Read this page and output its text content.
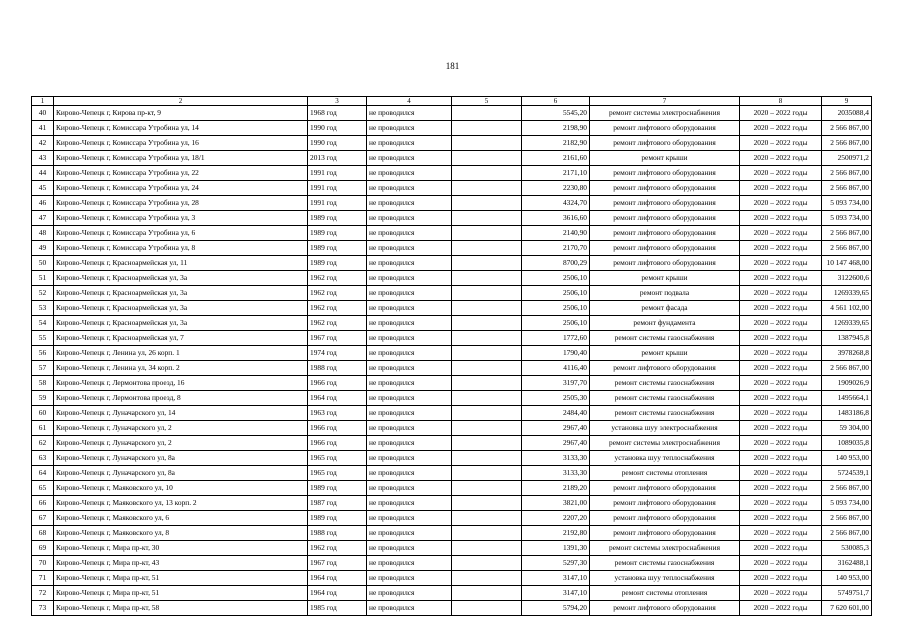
181
1	2	3	4	5	6	7	8	9
40	Кирово-Чепецк г, Кирова пр-кт, 9	1968 год	не проводился		5545,20	ремонт системы электроснабжения	2020 – 2022 годы	2035088,4
41	Кирово-Чепецк г, Комиссара Утробина ул, 14	1990 год	не проводился		2198,90	ремонт лифтового оборудования	2020 – 2022 годы	2 566 867,00
42	Кирово-Чепецк г, Комиссара Утробина ул, 16	1990 год	не проводился		2182,90	ремонт лифтового оборудования	2020 – 2022 годы	2 566 867,00
43	Кирово-Чепецк г, Комиссара Утробина ул, 18/1	2013 год	не проводился		2161,60	ремонт крыши	2020 – 2022 годы	2500971,2
44	Кирово-Чепецк г, Комиссара Утробина ул, 22	1991 год	не проводился		2171,10	ремонт лифтового оборудования	2020 – 2022 годы	2 566 867,00
45	Кирово-Чепецк г, Комиссара Утробина ул, 24	1991 год	не проводился		2230,80	ремонт лифтового оборудования	2020 – 2022 годы	2 566 867,00
46	Кирово-Чепецк г, Комиссара Утробина ул, 28	1991 год	не проводился		4324,70	ремонт лифтового оборудования	2020 – 2022 годы	5 093 734,00
47	Кирово-Чепецк г, Комиссара Утробина ул, 3	1989 год	не проводился		3616,60	ремонт лифтового оборудования	2020 – 2022 годы	5 093 734,00
48	Кирово-Чепецк г, Комиссара Утробина ул, 6	1989 год	не проводился		2140,90	ремонт лифтового оборудования	2020 – 2022 годы	2 566 867,00
49	Кирово-Чепецк г, Комиссара Утробина ул, 8	1989 год	не проводился		2170,70	ремонт лифтового оборудования	2020 – 2022 годы	2 566 867,00
50	Кирово-Чепецк г, Красноармейская ул, 11	1989 год	не проводился		8700,29	ремонт лифтового оборудования	2020 – 2022 годы	10 147 468,00
51	Кирово-Чепецк г, Красноармейская ул, 3а	1962 год	не проводился		2506,10	ремонт крыши	2020 – 2022 годы	3122600,6
52	Кирово-Чепецк г, Красноармейская ул, 3а	1962 год	не проводился		2506,10	ремонт подвала	2020 – 2022 годы	1269339,65
53	Кирово-Чепецк г, Красноармейская ул, 3а	1962 год	не проводился		2506,10	ремонт фасада	2020 – 2022 годы	4 561 102,00
54	Кирово-Чепецк г, Красноармейская ул, 3а	1962 год	не проводился		2506,10	ремонт фундамента	2020 – 2022 годы	1269339,65
55	Кирово-Чепецк г, Красноармейская ул, 7	1967 год	не проводился		1772,60	ремонт системы газоснабжения	2020 – 2022 годы	1387945,8
56	Кирово-Чепецк г, Ленина ул, 26 корп. 1	1974 год	не проводился		1790,40	ремонт крыши	2020 – 2022 годы	3978268,8
57	Кирово-Чепецк г, Ленина ул, 34 корп. 2	1988 год	не проводился		4116,40	ремонт лифтового оборудования	2020 – 2022 годы	2 566 867,00
58	Кирово-Чепецк г, Лермонтова проезд, 16	1966 год	не проводился		3197,70	ремонт системы газоснабжения	2020 – 2022 годы	1909026,9
59	Кирово-Чепецк г, Лермонтова проезд, 8	1964 год	не проводился		2505,30	ремонт системы газоснабжения	2020 – 2022 годы	1495664,1
60	Кирово-Чепецк г, Луначарского ул, 14	1963 год	не проводился		2484,40	ремонт системы газоснабжения	2020 – 2022 годы	1483186,8
61	Кирово-Чепецк г, Луначарского ул, 2	1966 год	не проводился		2967,40	установка шуу электроснабжения	2020 – 2022 годы	59 304,00
62	Кирово-Чепецк г, Луначарского ул, 2	1966 год	не проводился		2967,40	ремонт системы электроснабжения	2020 – 2022 годы	1089035,8
63	Кирово-Чепецк г, Луначарского ул, 8а	1965 год	не проводился		3133,30	установка шуу теплоснабжения	2020 – 2022 годы	140 953,00
64	Кирово-Чепецк г, Луначарского ул, 8а	1965 год	не проводился		3133,30	ремонт системы отопления	2020 – 2022 годы	5724539,1
65	Кирово-Чепецк г, Маяковского ул, 10	1989 год	не проводился		2189,20	ремонт лифтового оборудования	2020 – 2022 годы	2 566 867,00
66	Кирово-Чепецк г, Маяковского ул, 13 корп. 2	1987 год	не проводился		3821,00	ремонт лифтового оборудования	2020 – 2022 годы	5 093 734,00
67	Кирово-Чепецк г, Маяковского ул, 6	1989 год	не проводился		2207,20	ремонт лифтового оборудования	2020 – 2022 годы	2 566 867,00
68	Кирово-Чепецк г, Маяковского ул, 8	1988 год	не проводился		2192,80	ремонт лифтового оборудования	2020 – 2022 годы	2 566 867,00
69	Кирово-Чепецк г, Мира пр-кт, 30	1962 год	не проводился		1391,30	ремонт системы электроснабжения	2020 – 2022 годы	530085,3
70	Кирово-Чепецк г, Мира пр-кт, 43	1967 год	не проводился		5297,30	ремонт системы газоснабжения	2020 – 2022 годы	3162488,1
71	Кирово-Чепецк г, Мира пр-кт, 51	1964 год	не проводился		3147,10	установка шуу теплоснабжения	2020 – 2022 годы	140 953,00
72	Кирово-Чепецк г, Мира пр-кт, 51	1964 год	не проводился		3147,10	ремонт системы отопления	2020 – 2022 годы	5749751,7
73	Кирово-Чепецк г, Мира пр-кт, 58	1985 год	не проводился		5794,20	ремонт лифтового оборудования	2020 – 2022 годы	7 620 601,00
